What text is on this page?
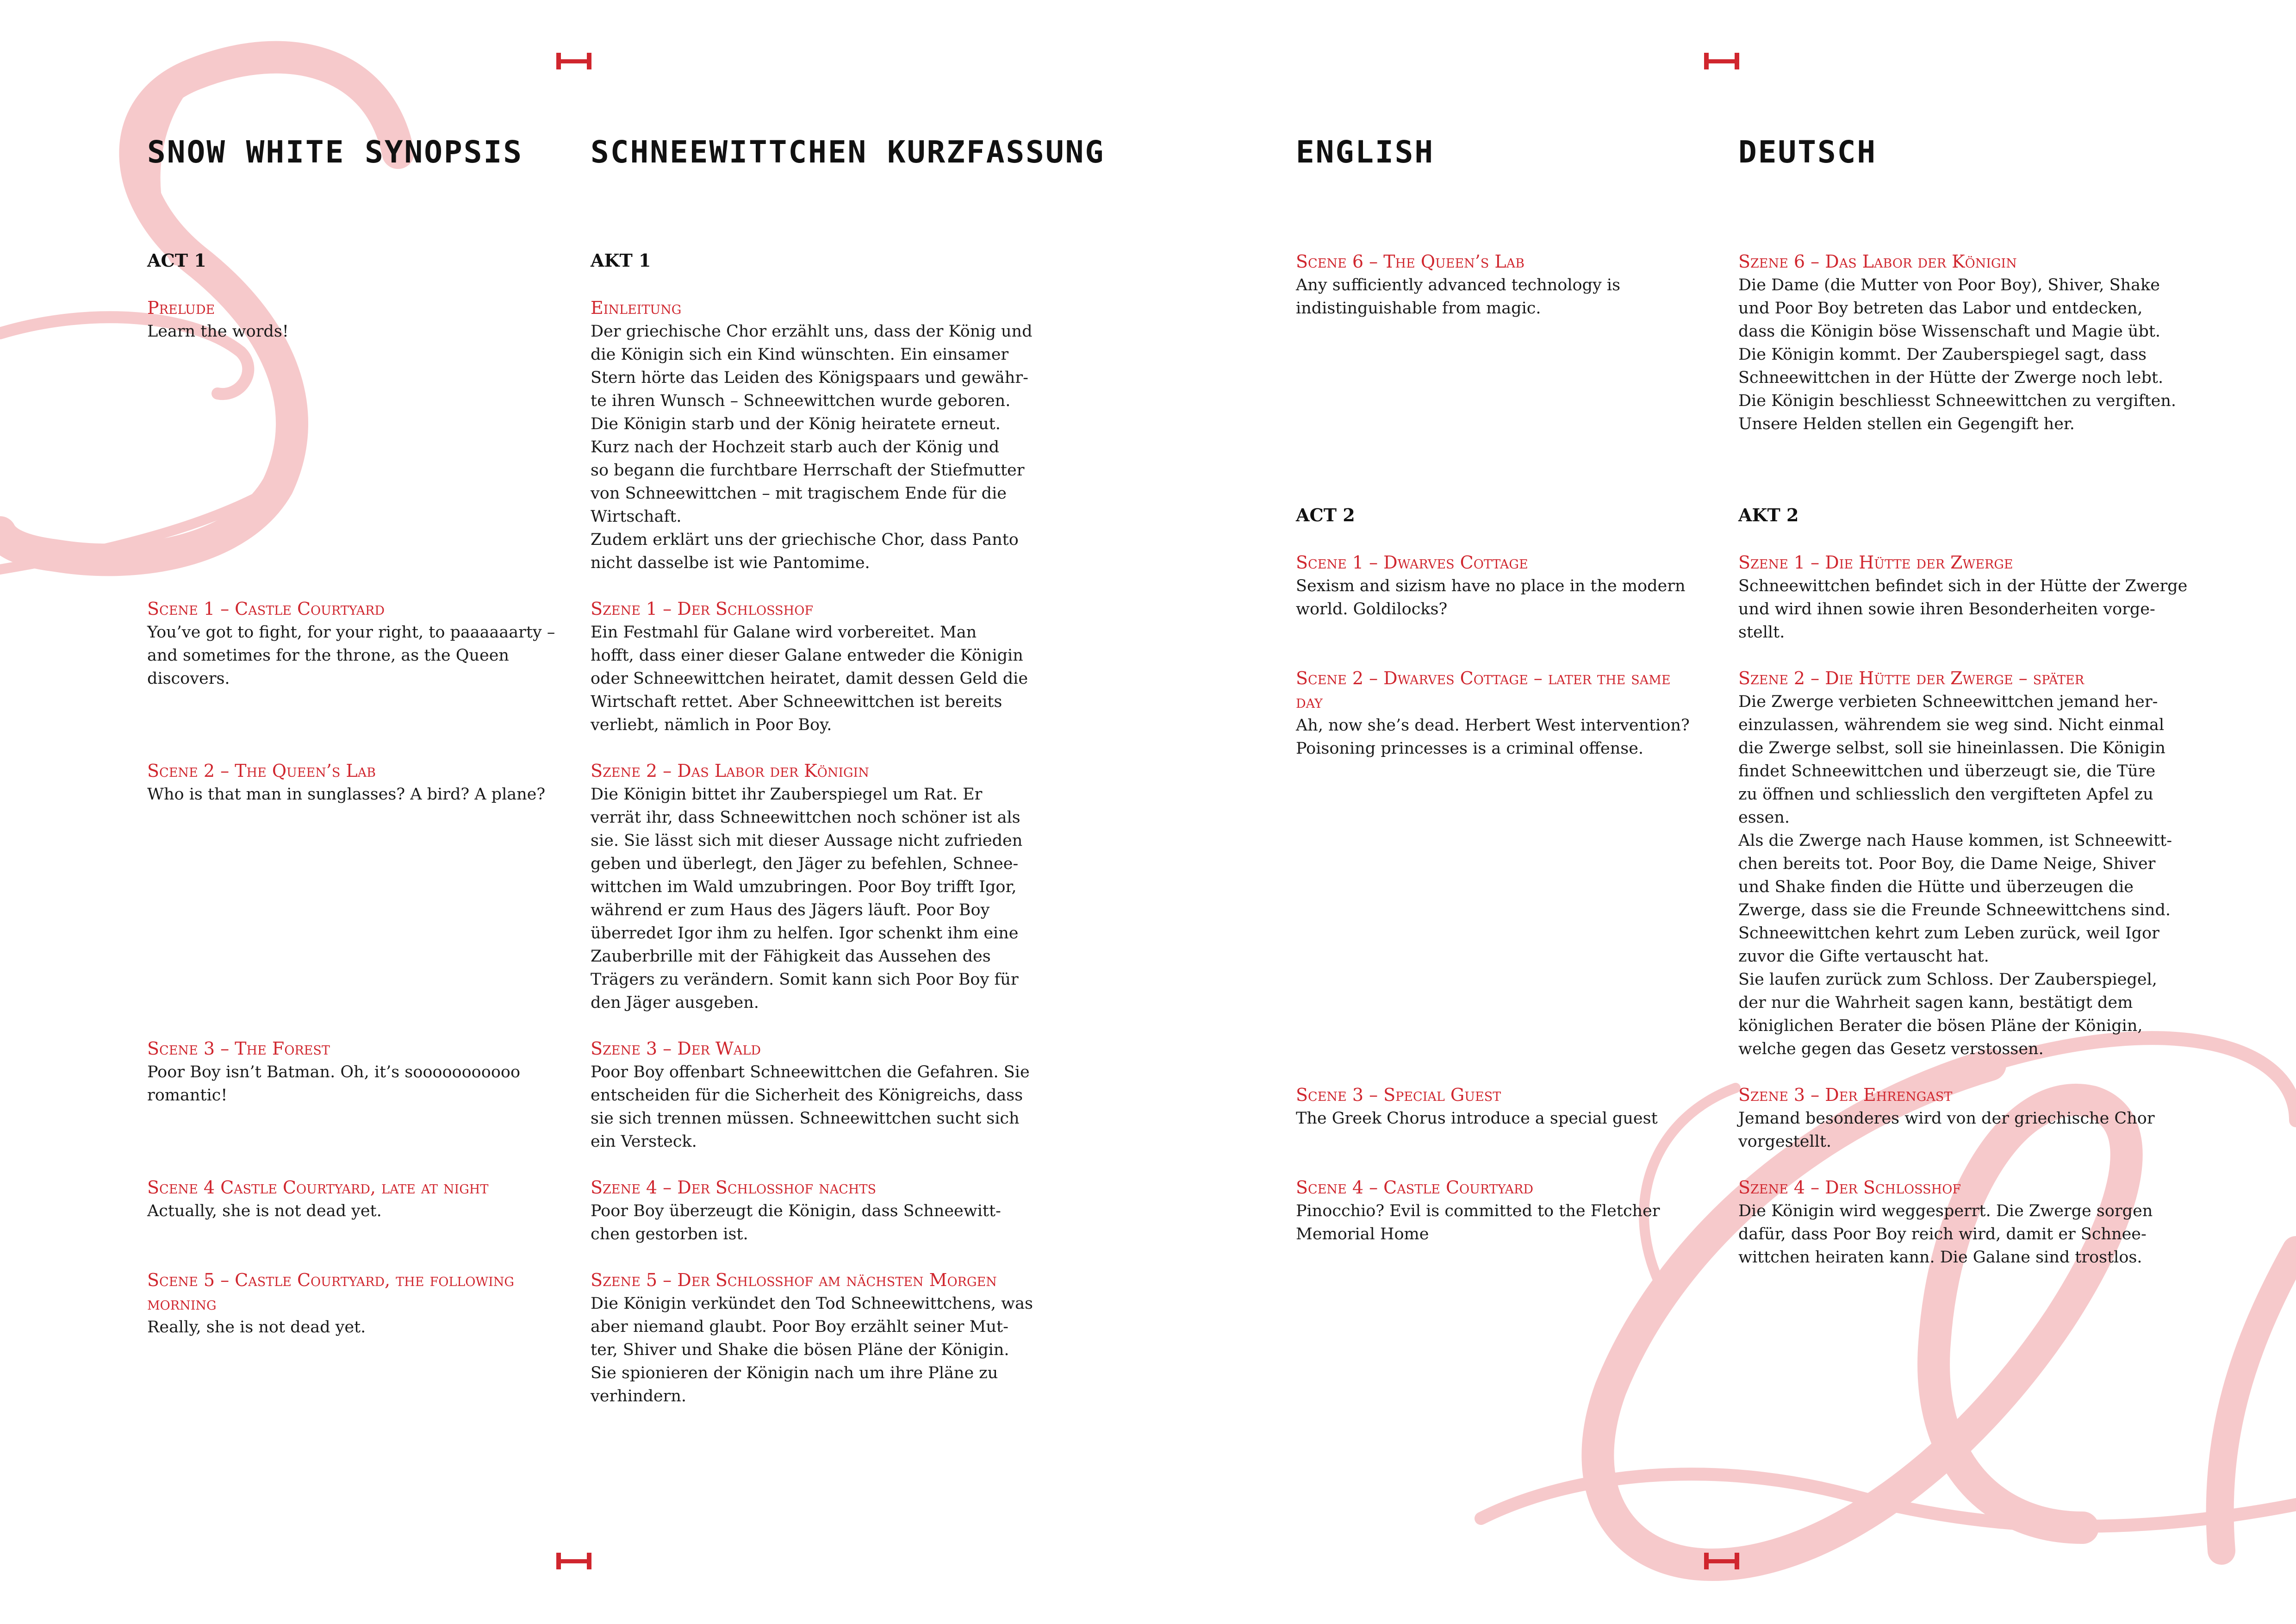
SNOW WHITE SYNOPSIS SCHNEEWITTCHEN KURZFASSUNG
ACT 1

Prelude

Learn the words!

Scene 1 – Castle Courtyard

You’ve got to fight, for your right, to paaaaaarty –
and sometimes for the throne, as the Queen
discovers.

Scene 2 – The Queen’s Lab

Who is that man in sunglasses? A bird? A plane?

Scene 3 – The Forest

Poor Boy isn’t Batman. Oh, it’s sooooooooooo
romantic!

Scene 4 Castle Courtyard, late at night

Actually, she is not dead yet.

Scene 5 – Castle Courtyard, the following
morning

Really, she is not dead yet.

AKT 1

Einleitung

Der griechische Chor erzählt uns, dass der König und
die Königin sich ein Kind wünschten. Ein einsamer
Stern hörte das Leiden des Königspaars und gewähr-
te ihren Wunsch – Schneewittchen wurde geboren.
Die Königin starb und der König heiratete erneut.
Kurz nach der Hochzeit starb auch der König und
so begann die furchtbare Herrschaft der Stiefmutter
von Schneewittchen – mit tragischem Ende für die
Wirtschaft.
Zudem erklärt uns der griechische Chor, dass Panto
nicht dasselbe ist wie Pantomime.

Szene 1 – Der Schlosshof

Ein Festmahl für Galane wird vorbereitet. Man
hofft, dass einer dieser Galane entweder die Königin
oder Schneewittchen heiratet, damit dessen Geld die
Wirtschaft rettet. Aber Schneewittchen ist bereits
verliebt, nämlich in Poor Boy.

Szene 2 – Das Labor der Königin

Die Königin bittet ihr Zauberspiegel um Rat. Er
verrät ihr, dass Schneewittchen noch schöner ist als
sie. Sie lässt sich mit dieser Aussage nicht zufrieden
geben und überlegt, den Jäger zu befehlen, Schnee-
wittchen im Wald umzubringen. Poor Boy trifft Igor,
während er zum Haus des Jägers läuft. Poor Boy
überredet Igor ihm zu helfen. Igor schenkt ihm eine
Zauberbrille mit der Fähigkeit das Aussehen des
Trägers zu verändern. Somit kann sich Poor Boy für
den Jäger ausgeben.

Szene 3 – Der Wald

Poor Boy offenbart Schneewittchen die Gefahren. Sie
entscheiden für die Sicherheit des Königreichs, dass
sie sich trennen müssen. Schneewittchen sucht sich
ein Versteck.

Szene 4 – Der Schlosshof nachts

Poor Boy überzeugt die Königin, dass Schneewitt-
chen gestorben ist.

Szene 5 – Der Schlosshof am nächsten Morgen

Die Königin verkündet den Tod Schneewittchens, was
aber niemand glaubt. Poor Boy erzählt seiner Mut-
ter, Shiver und Shake die bösen Pläne der Königin.
Sie spionieren der Königin nach um ihre Pläne zu
verhindern.

ENGLISH	DEUTSCH

Scene 6 – The Queen’s Lab

Any sufficiently advanced technology is
indistinguishable from magic.

ACT 2

Scene 1 – Dwarves Cottage

Sexism and sizism have no place in the modern
world. Goldilocks?

Scene 2 – Dwarves Cottage – later the same
day

Ah, now she’s dead. Herbert West intervention?
Poisoning princesses is a criminal offense.

Scene 3 – Special Guest

The Greek Chorus introduce a special guest

Scene 4 – Castle Courtyard

Pinocchio? Evil is committed to the Fletcher
Memorial Home

Szene 6 – Das Labor der Königin

Die Dame (die Mutter von Poor Boy), Shiver, Shake
und Poor Boy betreten das Labor und entdecken,
dass die Königin böse Wissenschaft und Magie übt.
Die Königin kommt. Der Zauberspiegel sagt, dass
Schneewittchen in der Hütte der Zwerge noch lebt.
Die Königin beschliesst Schneewittchen zu vergiften.
Unsere Helden stellen ein Gegengift her.

AKT 2

Szene 1 – Die Hütte der Zwerge

Schneewittchen befindet sich in der Hütte der Zwerge
und wird ihnen sowie ihren Besonderheiten vorge-
stellt.

Szene 2 – Die Hütte der Zwerge – später

Die Zwerge verbieten Schneewittchen jemand her-
einzulassen, währendem sie weg sind. Nicht einmal
die Zwerge selbst, soll sie hineinlassen. Die Königin
findet Schneewittchen und überzeugt sie, die Türe
zu öffnen und schliesslich den vergifteten Apfel zu
essen.
Als die Zwerge nach Hause kommen, ist Schneewitt-
chen bereits tot. Poor Boy, die Dame Neige, Shiver
und Shake finden die Hütte und überzeugen die
Zwerge, dass sie die Freunde Schneewittchens sind.
Schneewittchen kehrt zum Leben zurück, weil Igor
zuvor die Gifte vertauscht hat.
Sie laufen zurück zum Schloss. Der Zauberspiegel,
der nur die Wahrheit sagen kann, bestätigt dem
königlichen Berater die bösen Pläne der Königin,
welche gegen das Gesetz verstossen.

Szene 3 – Der Ehrengast

Jemand besonderes wird von der griechische Chor
vorgestellt.

Szene 4 – Der Schlosshof

Die Königin wird weggesperrt. Die Zwerge sorgen
dafür, dass Poor Boy reich wird, damit er Schnee-
wittchen heiraten kann. Die Galane sind trostlos.
